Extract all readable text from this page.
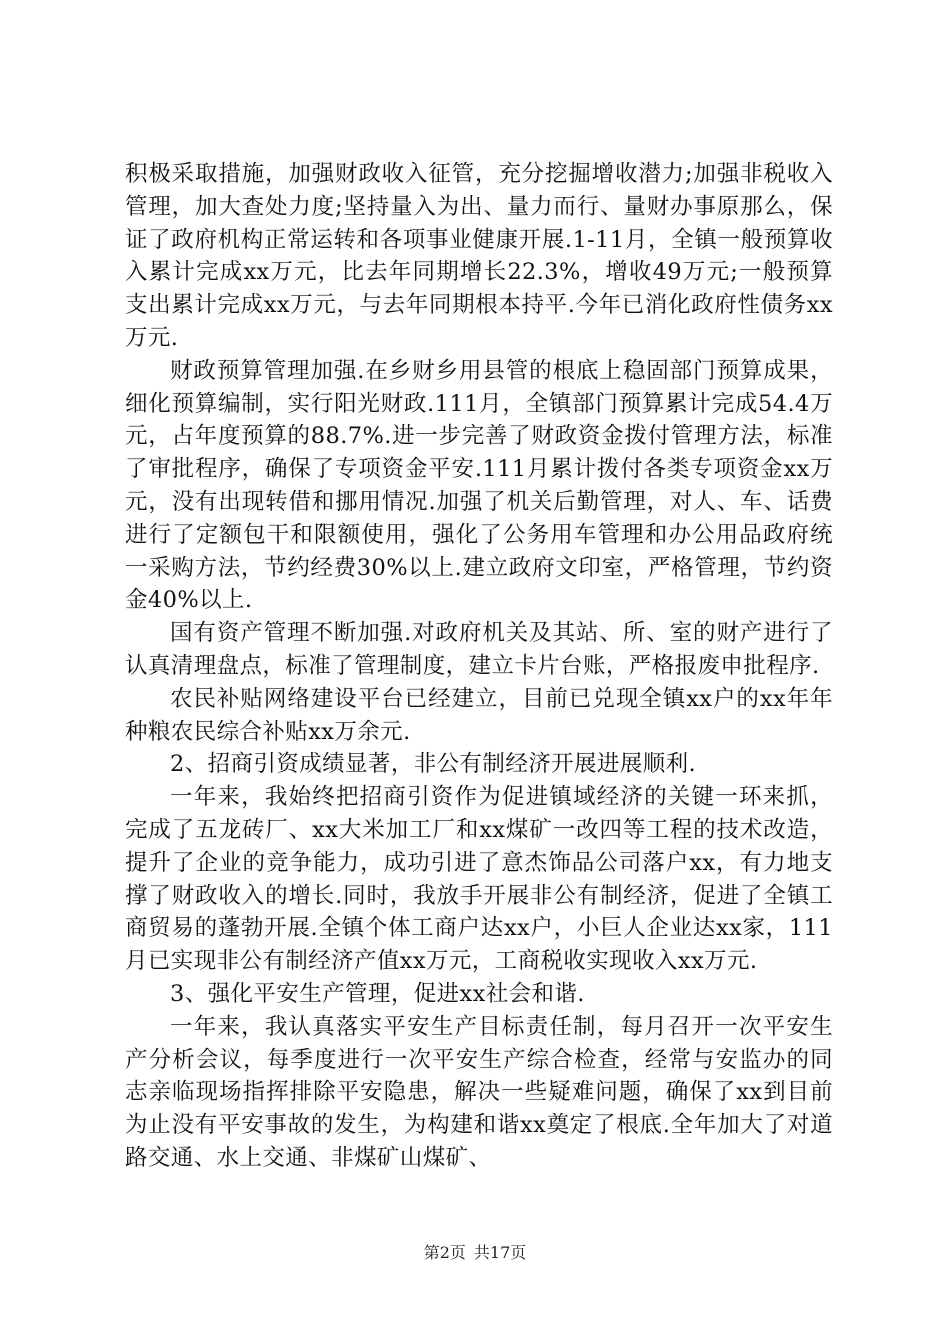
积极采取措施，加强财政收入征管，充分挖掘增收潜力;加强非税收入管理，加大查处力度;坚持量入为出、量力而行、量财办事原那么，保证了政府机构正常运转和各项事业健康开展.1-11月，全镇一般预算收入累计完成xx万元，比去年同期增长22.3%，增收49万元;一般预算支出累计完成xx万元，与去年同期根本持平.今年已消化政府性债务xx万元.

财政预算管理加强.在乡财乡用县管的根底上稳固部门预算成果，细化预算编制，实行阳光财政.111月，全镇部门预算累计完成54.4万元，占年度预算的88.7%.进一步完善了财政资金拨付管理方法，标准了审批程序，确保了专项资金平安.111月累计拨付各类专项资金xx万元，没有出现转借和挪用情况.加强了机关后勤管理，对人、车、话费进行了定额包干和限额使用，强化了公务用车管理和办公用品政府统一采购方法，节约经费30%以上.建立政府文印室，严格管理，节约资金40%以上.

国有资产管理不断加强.对政府机关及其站、所、室的财产进行了认真清理盘点，标准了管理制度，建立卡片台账，严格报废申批程序.

农民补贴网络建设平台已经建立，目前已兑现全镇xx户的xx年年种粮农民综合补贴xx万余元.

2、招商引资成绩显著，非公有制经济开展进展顺利.

一年来，我始终把招商引资作为促进镇域经济的关键一环来抓，完成了五龙砖厂、xx大米加工厂和xx煤矿一改四等工程的技术改造，提升了企业的竞争能力，成功引进了意杰饰品公司落户xx，有力地支撑了财政收入的增长.同时，我放手开展非公有制经济，促进了全镇工商贸易的蓬勃开展.全镇个体工商户达xx户，小巨人企业达xx家，111月已实现非公有制经济产值xx万元，工商税收实现收入xx万元.

3、强化平安生产管理，促进xx社会和谐.

一年来，我认真落实平安生产目标责任制，每月召开一次平安生产分析会议，每季度进行一次平安生产综合检查，经常与安监办的同志亲临现场指挥排除平安隐患，解决一些疑难问题，确保了xx到目前为止没有平安事故的发生，为构建和谐xx奠定了根底.全年加大了对道路交通、水上交通、非煤矿山煤矿、

第2页 共17页
